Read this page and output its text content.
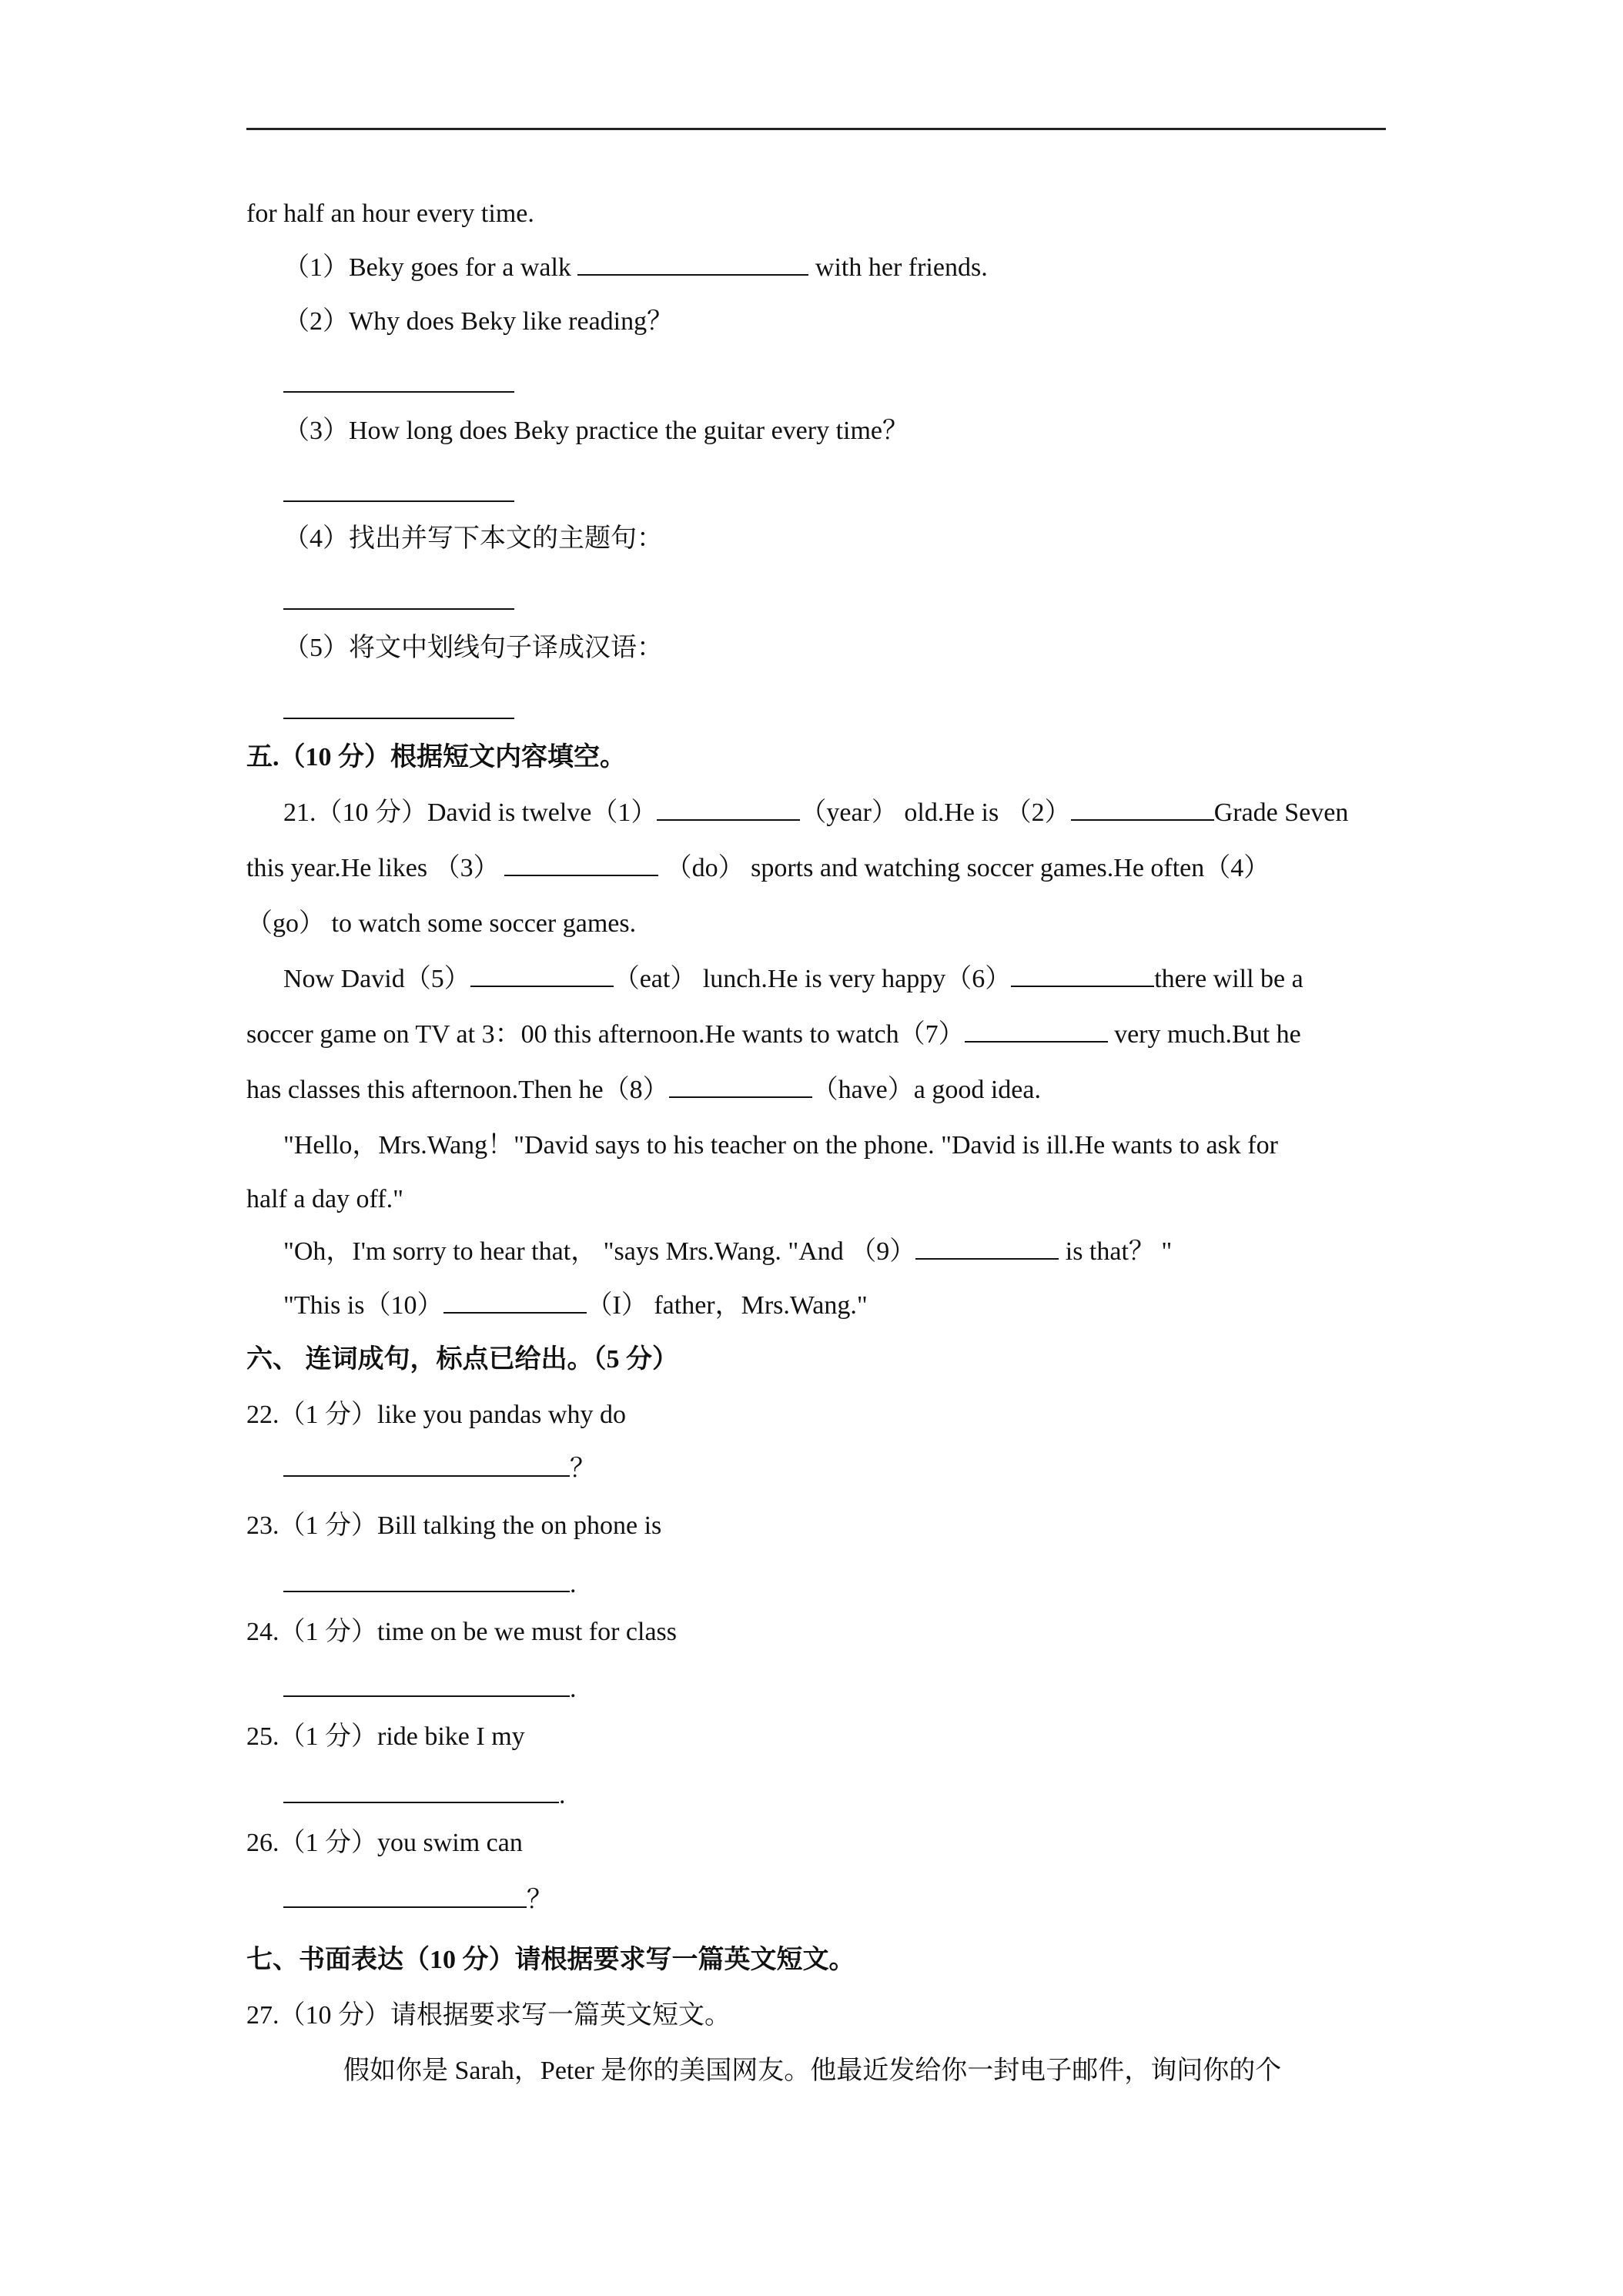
for half an hour every time.
（1）Beky goes for a walk	with her friends.
（2）Why does Beky like reading？
（3）How long does Beky practice the guitar every time？
（4）找出并写下本文的主题句：
（5）将文中划线句子译成汉语：
五.（10 分）根据短文内容填空。
21.（10 分）David is twelve（1）	（year） old.He is （2）	Grade Seven
this year.He likes （3）	（do） sports and watching soccer games.He often（4）
（go） to watch some soccer games.
Now David（5）	（eat） lunch.He is very happy（6）	there will be a
soccer game on TV at 3：00 this afternoon.He wants to watch（7）	very much.But he
has classes this afternoon.Then he（8）	（have）a good idea.
"Hello，Mrs.Wang！"David says to his teacher on the phone. "David is ill.He wants to ask for
half a day off."
"Oh，I'm sorry to hear that， "says Mrs.Wang. "And （9）	is that？ "
"This is（10）	（I） father，Mrs.Wang."
六、 连词成句，标点已给出。（5 分）
22.（1 分）like you pandas why do
？
23.（1 分）Bill talking the on phone is
.
24.（1 分）time on be we must for class
.
25.（1 分）ride bike I my
.
26.（1 分）you swim can
？
七、书面表达（10 分）请根据要求写一篇英文短文。
27.（10 分）请根据要求写一篇英文短文。
假如你是 Sarah，Peter 是你的美国网友。他最近发给你一封电子邮件，询问你的个
